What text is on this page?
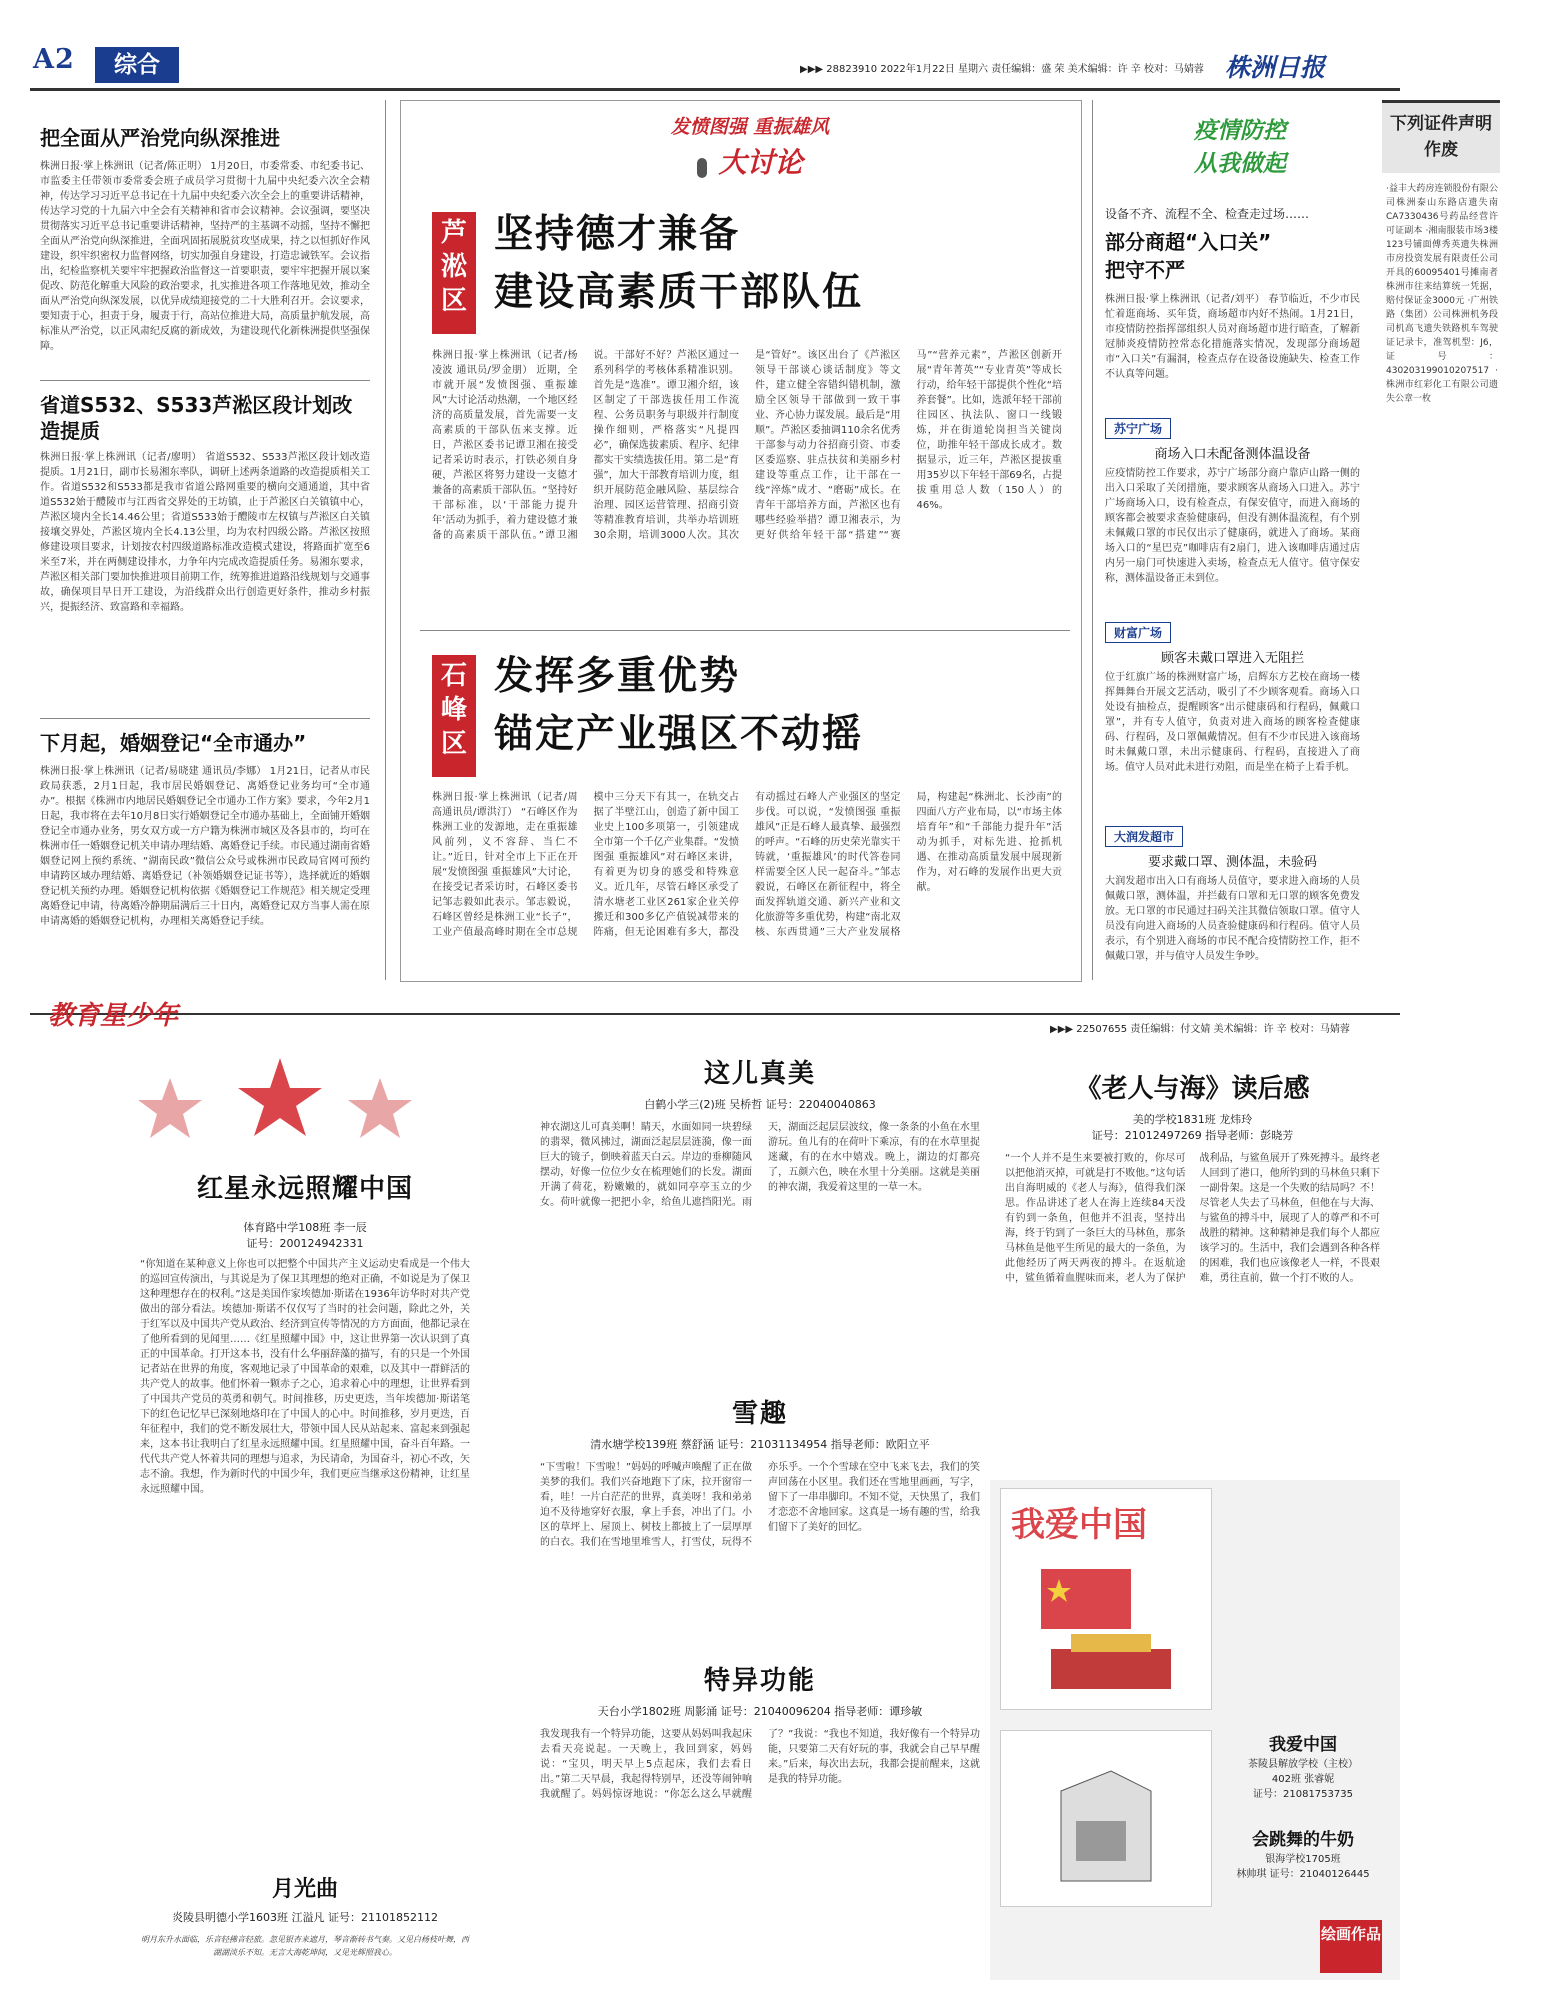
A2	综合	▶▶▶ 28823910 2022年1月22日 星期六 责任编辑：盛 荣 美术编辑：许 辛 校对：马婧蓉 株洲日报
把全面从严治党向纵深推进
株洲日报·掌上株洲讯（记者/陈正明） 1月20日，市委常委、市纪委书记、市监委主任带领市委常委会班子成员学习贯彻十九届中央纪委六次全会精神，传达学习习近平总书记在十九届中央纪委六次全会上的重要讲话精神，传达学习党的十九届六中全会有关精神和省市会议精神。会议强调，要坚决贯彻落实习近平总书记重要讲话精神，坚持严的主基调不动摇，坚持不懈把全面从严治党向纵深推进，全面巩固拓展脱贫攻坚成果，持之以恒抓好作风建设，织牢织密权力监督网络，切实加强自身建设，打造忠诚铁军。会议指出，纪检监察机关要牢牢把握政治监督这一首要职责，要牢牢把握开展以案促改、防范化解重大风险的政治要求，扎实推进各项工作落地见效，推动全面从严治党向纵深发展，以优异成绩迎接党的二十大胜利召开。会议要求，要知责于心，担责于身，履责于行，高站位推进大局，高质量护航发展，高标准从严治党，以正风肃纪反腐的新成效，为建设现代化新株洲提供坚强保障。
省道S532、S533芦淞区段计划改造提质
株洲日报·掌上株洲讯（记者/廖明） 省道S532、S533芦淞区段计划改造提质。1月21日，副市长易湘东率队，调研上述两条道路的改造提质相关工作。省道S532和S533都是我市省道公路网重要的横向交通通道，其中省道S532始于醴陵市与江西省交界处的王坊镇，止于芦淞区白关镇镇中心，芦淞区境内全长14.46公里；省道S533始于醴陵市左权镇与芦淞区白关镇接壤交界处，芦淞区境内全长4.13公里，均为农村四级公路。芦淞区按照修建设项目要求，计划按农村四级道路标准改造模式建设，将路面扩宽至6米至7米，并在两侧建设排水，力争年内完成改造提质任务。易湘东要求，芦淞区相关部门要加快推进项目前期工作，统筹推进道路沿线规划与交通事故，确保项目早日开工建设，为沿线群众出行创造更好条件，推动乡村振兴，提振经济、致富路和幸福路。
下月起，婚姻登记“全市通办”
株洲日报·掌上株洲讯（记者/易晓建 通讯员/李娜） 1月21日，记者从市民政局获悉，2月1日起，我市居民婚姻登记、离婚登记业务均可“全市通办”。根据《株洲市内地居民婚姻登记全市通办工作方案》要求，今年2月1日起，我市将在去年10月8日实行婚姻登记全市通办基础上，全面铺开婚姻登记全市通办业务，男女双方或一方户籍为株洲市城区及各县市的，均可在株洲市任一婚姻登记机关申请办理结婚、离婚登记手续。市民通过湖南省婚姻登记网上预约系统、“湖南民政”微信公众号或株洲市民政局官网可预约申请跨区域办理结婚、离婚登记（补领婚姻登记证书等），选择就近的婚姻登记机关预约办理。婚姻登记机构依据《婚姻登记工作规范》相关规定受理离婚登记申请，待离婚冷静期届满后三十日内，离婚登记双方当事人需在原申请离婚的婚姻登记机构，办理相关离婚登记手续。
发愤图强 重振雄风
大讨论
芦淞区
坚持德才兼备
建设高素质干部队伍
株洲日报·掌上株洲讯（记者/杨凌波 通讯员/罗金朋） 近期，全市就开展“发愤图强、重振雄风”大讨论活动热潮，一个地区经济的高质量发展，首先需要一支高素质的干部队伍来支撑。近日，芦淞区委书记谭卫湘在接受记者采访时表示，打铁必须自身硬，芦淞区将努力建设一支德才兼备的高素质干部队伍。“坚持好干部标准，以‘干部能力提升年’活动为抓手，着力建设德才兼备的高素质干部队伍。”谭卫湘说。干部好不好？芦淞区通过一系列科学的考核体系精准识别。首先是“选准”。谭卫湘介绍，该区制定了干部选拔任用工作流程、公务员职务与职级并行制度操作细则，严格落实“凡提四必”，确保选拔素质、程序、纪律都实干实绩选拔任用。第二是“育强”，加大干部教育培训力度，组织开展防范金融风险、基层综合治理、园区运营管理、招商引资等精准教育培训，共举办培训班30余期，培训3000人次。其次是“管好”。该区出台了《芦淞区领导干部谈心谈话制度》等文件，建立健全容错纠错机制，激励全区领导干部做到一致干事业、齐心协力谋发展。最后是“用顺”。芦淞区委抽调110余名优秀干部参与动力谷招商引资、市委区委巡察、驻点扶贫和美丽乡村建设等重点工作，让干部在一线“淬炼”成才、“磨砺”成长。在青年干部培养方面，芦淞区也有哪些经验举措？谭卫湘表示，为更好供给年轻干部“搭建”“赛马”“营养元素”，芦淞区创新开展“青年菁英”“专业青英”等成长行动，给年轻干部提供个性化“培养套餐”。比如，选派年轻干部前往园区、执法队、窗口一线锻炼，并在街道轮岗担当关键岗位，助推年轻干部成长成才。数据显示，近三年，芦淞区提拔重用35岁以下年轻干部69名，占提拔重用总人数（150人）的46%。
石峰区
发挥多重优势
锚定产业强区不动摇
株洲日报·掌上株洲讯（记者/周高通讯员/谭洪汀） “石峰区作为株洲工业的发源地，走在重振雄风前列，义不容辞、当仁不让。”近日，针对全市上下正在开展“发愤图强 重振雄风”大讨论，在接受记者采访时，石峰区委书记邹志毅如此表示。邹志毅说，石峰区曾经是株洲工业“长子”，工业产值最高峰时期在全市总规模中三分天下有其一，在轨交占据了半壁江山，创造了新中国工业史上100多项第一，引领建成全市第一个千亿产业集群。“发愤图强 重振雄风”对石峰区来讲，有着更为切身的感受和特殊意义。近几年，尽管石峰区承受了清水塘老工业区261家企业关停搬迁和300多亿产值锐减带来的阵痛，但无论困难有多大，都没有动摇过石峰人产业强区的坚定步伐。可以说，“发愤图强 重振雄风”正是石峰人最真挚、最强烈的呼声。“石峰的历史荣光靠实干铸就，‘重振雄风’的时代答卷同样需要全区人民一起奋斗。”邹志毅说，石峰区在新征程中，将全面发挥轨道交通、新兴产业和文化旅游等多重优势，构建“南北双核、东西贯通”三大产业发展格局，构建起“株洲北、长沙南”的四面八方产业布局，以“市场主体培育年”和“千部能力提升年”活动为抓手，对标先进、抢抓机遇、在推动高质量发展中展现新作为，对石峰的发展作出更大贡献。
疫情防控
从我做起
设备不齐、流程不全、检查走过场……
部分商超“入口关”
把守不严
株洲日报·掌上株洲讯（记者/刘平） 春节临近，不少市民忙着逛商场、买年货，商场超市内好不热闹。1月21日，市疫情防控指挥部组织人员对商场超市进行暗查，了解新冠肺炎疫情防控常态化措施落实情况，发现部分商场超市“入口关”有漏洞，检查点存在设备设施缺失、检查工作不认真等问题。
苏宁广场
商场入口未配备测体温设备
应疫情防控工作要求，苏宁广场部分商户靠庐山路一侧的出入口采取了关闭措施，要求顾客从商场入口进入。苏宁广场商场入口，设有检查点，有保安值守，而进入商场的顾客都会被要求查验健康码，但没有测体温流程，有个别未佩戴口罩的市民仅出示了健康码，就进入了商场。某商场入口的“星巴克”咖啡店有2扇门，进入该咖啡店通过店内另一扇门可快速进入卖场，检查点无人值守。值守保安称，测体温设备正未到位。
财富广场
顾客未戴口罩进入无阻拦
位于红旗广场的株洲财富广场，启辉东方艺校在商场一楼挥舞舞台开展文艺活动，吸引了不少顾客观看。商场入口处设有抽检点，提醒顾客“出示健康码和行程码，佩戴口罩”，并有专人值守，负责对进入商场的顾客检查健康码、行程码，及口罩佩戴情况。但有不少市民进入该商场时未佩戴口罩，未出示健康码、行程码，直接进入了商场。值守人员对此未进行劝阻，而是坐在椅子上看手机。
大润发超市
要求戴口罩、测体温，未验码
大润发超市出入口有商场人员值守，要求进入商场的人员佩戴口罩，测体温，并拦截有口罩和无口罩的顾客免费发放。无口罩的市民通过扫码关注其微信领取口罩。值守人员没有向进入商场的人员查验健康码和行程码。值守人员表示，有个别进入商场的市民不配合疫情防控工作，拒不佩戴口罩，并与值守人员发生争吵。
下列证件声明作废
·益丰大药房连锁股份有限公司株洲泰山东路店遗失南CA7330436号药品经营许可证副本 ·湘南服装市场3楼123号铺面傅秀英遗失株洲市房投资发展有限责任公司开具的60095401号摊南者株洲市往来结算统一凭据，赔付保证金3000元 ·广州铁路（集团）公司株洲机务段司机高飞遗失铁路机车驾驶证记录卡，准驾机型：J6，证号：430203199010207517 ·株洲市红彩化工有限公司遗失公章一枚
教育星少年	▶▶▶ 22507655 责任编辑：付文婧 美术编辑：许 辛 校对：马婧蓉
红星永远照耀中国
体育路中学108班 李一辰
证号：200124942331
“你知道在某种意义上你也可以把整个中国共产主义运动史看成是一个伟大的巡回宣传演出，与其说是为了保卫其理想的绝对正确，不如说是为了保卫这种理想存在的权利。”这是美国作家埃德加·斯诺在1936年访华时对共产党做出的部分看法。埃德加·斯诺不仅仅写了当时的社会问题，除此之外，关于红军以及中国共产党从政治、经济到宣传等情况的方方面面，他都记录在了他所看到的见闻里……《红星照耀中国》中，这让世界第一次认识到了真正的中国革命。打开这本书，没有什么华丽辞藻的描写，有的只是一个外国记者站在世界的角度，客观地记录了中国革命的艰难，以及其中一群鲜活的共产党人的故事。他们怀着一颗赤子之心，追求着心中的理想，让世界看到了中国共产党员的英勇和朝气。时间推移，历史更迭，当年埃德加·斯诺笔下的红色记忆早已深刻地烙印在了中国人的心中。时间推移，岁月更迭，百年征程中，我们的党不断发展壮大，带领中国人民从站起来、富起来到强起来，这本书让我明白了红星永远照耀中国。红星照耀中国，奋斗百年路。一代代共产党人怀着共同的理想与追求，为民请命，为国奋斗，初心不改，矢志不渝。我想，作为新时代的中国少年，我们更应当继承这份精神，让红星永远照耀中国。
月光曲
炎陵县明德小学1603班 江溢凡 证号：21101852112
明月东升水面临，乐音轻拂音轻旅。忽见银杏来遮月，琴音渐转书气奏。又见白杨枝叶舞，西湖湖淡乐不知。无言大海乾坤间，又见光辉照我心。
这儿真美
白鹤小学三(2)班 吴桥哲 证号：22040040863
神农湖这儿可真美啊！睛天，水面如同一块碧绿的翡翠，微风拂过，湖面泛起层层涟漪，像一面巨大的镜子，倒映着蓝天白云。岸边的垂柳随风摆动，好像一位位少女在梳理她们的长发。湖面开满了荷花，粉嫩嫩的，就如同亭亭玉立的少女。荷叶就像一把把小伞，给鱼儿遮挡阳光。雨天，湖面泛起层层波纹，像一条条的小鱼在水里游玩。鱼儿有的在荷叶下乘凉，有的在水草里捉迷藏，有的在水中嬉戏。晚上，湖边的灯都亮了，五颜六色，映在水里十分美丽。这就是美丽的神农湖，我爱着这里的一草一木。
雪趣
清水塘学校139班 蔡舒涵 证号：21031134954 指导老师：欧阳立平
“下雪啦！下雪啦！”妈妈的呼喊声唤醒了正在做美梦的我们。我们兴奋地跑下了床，拉开窗帘一看，哇！一片白茫茫的世界，真美呀！我和弟弟迫不及待地穿好衣服，拿上手套，冲出了门。小区的草坪上、屋顶上、树枝上都披上了一层厚厚的白衣。我们在雪地里堆雪人，打雪仗，玩得不亦乐乎。一个个雪球在空中飞来飞去，我们的笑声回荡在小区里。我们还在雪地里画画，写字，留下了一串串脚印。不知不觉，天快黑了，我们才恋恋不舍地回家。这真是一场有趣的雪，给我们留下了美好的回忆。
特异功能
天台小学1802班 周影涌 证号：21040096204 指导老师：谭珍敏
我发现我有一个特异功能，这要从妈妈叫我起床去看天亮说起。一天晚上，我回到家，妈妈说：“宝贝，明天早上5点起床，我们去看日出。”第二天早晨，我起得特别早，还没等闹钟响我就醒了。妈妈惊讶地说：“你怎么这么早就醒了？”我说：“我也不知道，我好像有一个特异功能，只要第二天有好玩的事，我就会自己早早醒来。”后来，每次出去玩，我都会提前醒来，这就是我的特异功能。
《老人与海》读后感
美的学校1831班 龙炜玲
证号：21012497269 指导老师：彭晓芳
“一个人并不是生来要被打败的，你尽可以把他消灭掉，可就是打不败他。”这句话出自海明威的《老人与海》，值得我们深思。作品讲述了老人在海上连续84天没有钓到一条鱼，但他并不沮丧，坚持出海，终于钓到了一条巨大的马林鱼，那条马林鱼是他平生所见的最大的一条鱼，为此他经历了两天两夜的搏斗。在返航途中，鲨鱼循着血腥味而来，老人为了保护战利品，与鲨鱼展开了殊死搏斗。最终老人回到了港口，他所钓到的马林鱼只剩下一副骨架。这是一个失败的结局吗？不！尽管老人失去了马林鱼，但他在与大海、与鲨鱼的搏斗中，展现了人的尊严和不可战胜的精神。这种精神是我们每个人都应该学习的。生活中，我们会遇到各种各样的困难，我们也应该像老人一样，不畏艰难，勇往直前，做一个打不败的人。
我爱中国
我爱中国
茶陵县解放学校（主校）
402班 张睿妮
证号：21081753735
会跳舞的牛奶
银海学校1705班
林帅琪 证号：21040126445
绘画作品
